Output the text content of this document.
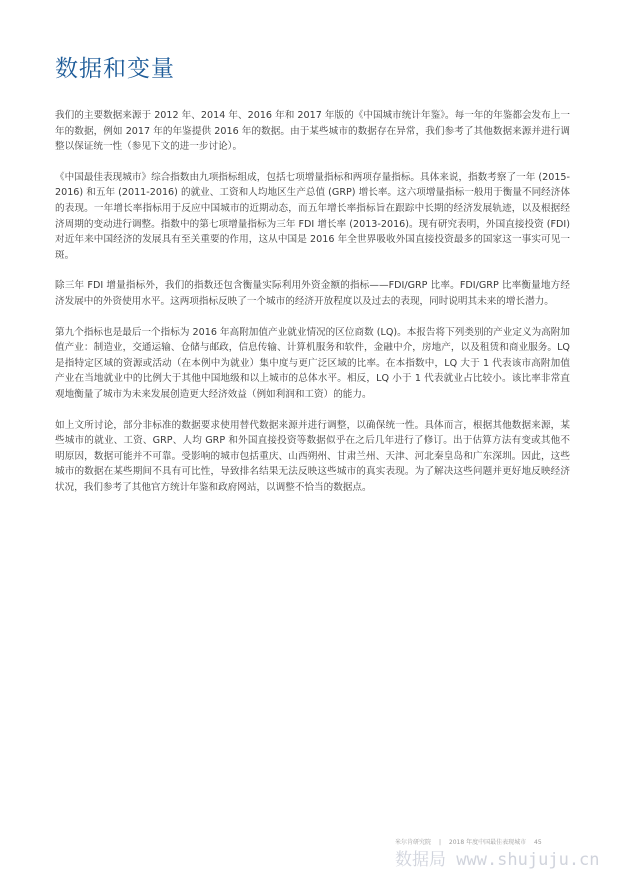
数据和变量

我们的主要数据来源于 2012 年、2014 年、2016 年和 2017 年版的《中国城市统计年鉴》。每一年的年鉴都会发布上一年的数据，例如 2017 年的年鉴提供 2016 年的数据。由于某些城市的数据存在异常，我们参考了其他数据来源并进行调整以保证统一性（参见下文的进一步讨论）。

《中国最佳表现城市》综合指数由九项指标组成，包括七项增量指标和两项存量指标。具体来说，指数考察了一年 (2015-2016) 和五年 (2011-2016) 的就业、工资和人均地区生产总值 (GRP) 增长率。这六项增量指标一般用于衡量不同经济体的表现。一年增长率指标用于反应中国城市的近期动态，而五年增长率指标旨在跟踪中长期的经济发展轨迹，以及根据经济周期的变动进行调整。指数中的第七项增量指标为三年 FDI 增长率 (2013-2016)。现有研究表明，外国直接投资 (FDI) 对近年来中国经济的发展具有至关重要的作用，这从中国是 2016 年全世界吸收外国直接投资最多的国家这一事实可见一斑。

除三年 FDI 增量指标外，我们的指数还包含衡量实际利用外资金额的指标——FDI/GRP 比率。FDI/GRP 比率衡量地方经济发展中的外资使用水平。这两项指标反映了一个城市的经济开放程度以及过去的表现，同时说明其未来的增长潜力。

第九个指标也是最后一个指标为 2016 年高附加值产业就业情况的区位商数 (LQ)。本报告将下列类别的产业定义为高附加值产业：制造业，交通运输、仓储与邮政，信息传输、计算机服务和软件，金融中介，房地产，以及租赁和商业服务。LQ 是指特定区域的资源或活动（在本例中为就业）集中度与更广泛区域的比率。在本指数中，LQ 大于 1 代表该市高附加值产业在当地就业中的比例大于其他中国地级和以上城市的总体水平。相反，LQ 小于 1 代表就业占比较小。该比率非常直观地衡量了城市为未来发展创造更大经济效益（例如利润和工资）的能力。

如上文所讨论，部分非标准的数据要求使用替代数据来源并进行调整，以确保统一性。具体而言，根据其他数据来源，某些城市的就业、工资、GRP、人均 GRP 和外国直接投资等数据似乎在之后几年进行了修订。出于估算方法有变或其他不明原因，数据可能并不可靠。受影响的城市包括重庆、山西朔州、甘肃兰州、天津、河北秦皇岛和广东深圳。因此，这些城市的数据在某些期间不具有可比性，导致排名结果无法反映这些城市的真实表现。为了解决这些问题并更好地反映经济状况，我们参考了其他官方统计年鉴和政府网站，以调整不恰当的数据点。

米尔肯研究院 | 2018 年度中国最佳表现城市 45
数据局 www.shujuju.cn
